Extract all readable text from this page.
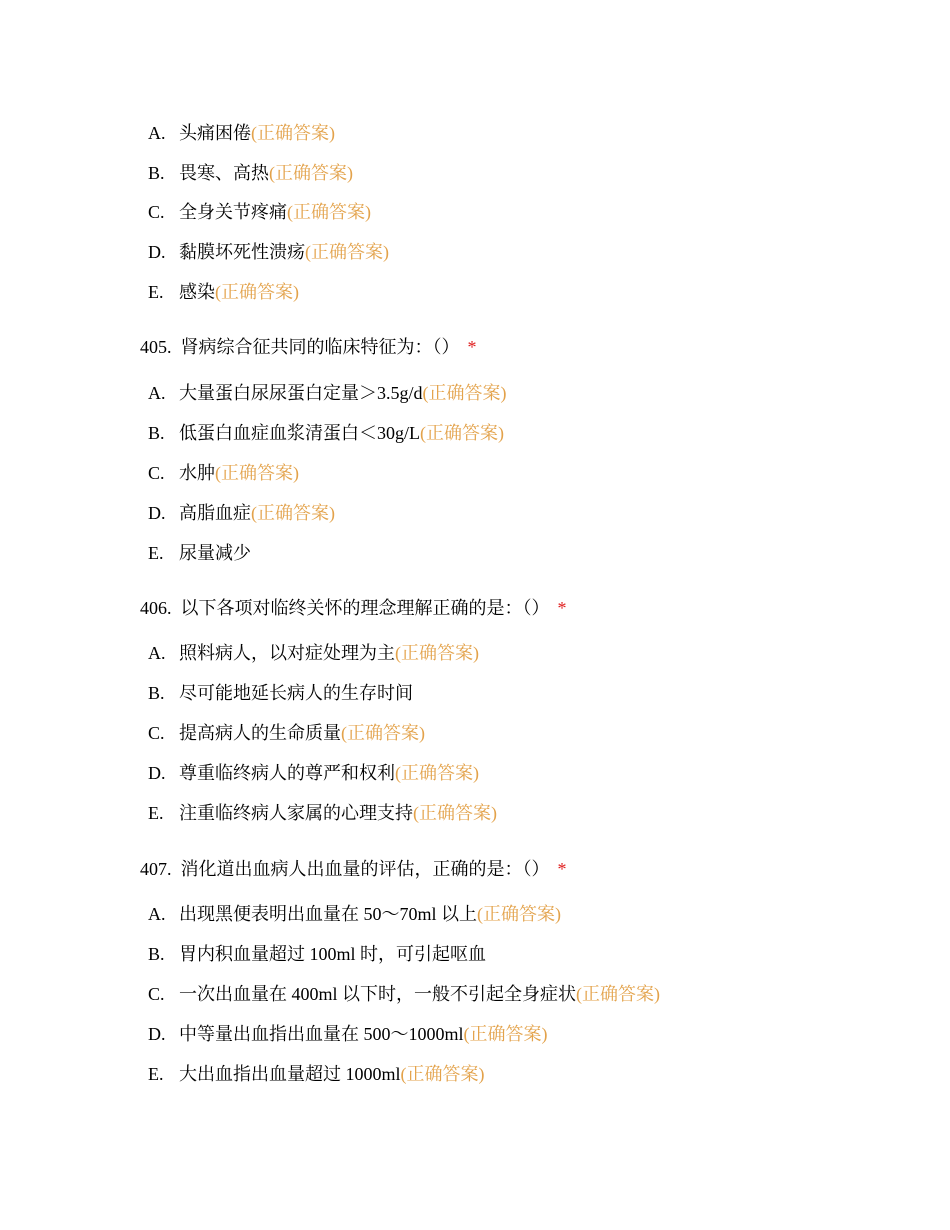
A. 头痛困倦(正确答案)
B. 畏寒、高热(正确答案)
C. 全身关节疼痛(正确答案)
D. 黏膜坏死性溃疡(正确答案)
E. 感染(正确答案)
405. 肾病综合征共同的临床特征为：（） *
A. 大量蛋白尿尿蛋白定量＞3.5g/d(正确答案)
B. 低蛋白血症血浆清蛋白＜30g/L(正确答案)
C. 水肿(正确答案)
D. 高脂血症(正确答案)
E. 尿量减少
406. 以下各项对临终关怀的理念理解正确的是：（） *
A. 照料病人，以对症处理为主(正确答案)
B. 尽可能地延长病人的生存时间
C. 提高病人的生命质量(正确答案)
D. 尊重临终病人的尊严和权利(正确答案)
E. 注重临终病人家属的心理支持(正确答案)
407. 消化道出血病人出血量的评估，正确的是：（） *
A. 出现黑便表明出血量在 50～70ml 以上(正确答案)
B. 胃内积血量超过 100ml 时，可引起呕血
C. 一次出血量在 400ml 以下时，一般不引起全身症状(正确答案)
D. 中等量出血指出血量在 500～1000ml(正确答案)
E. 大出血指出血量超过 1000ml(正确答案)
